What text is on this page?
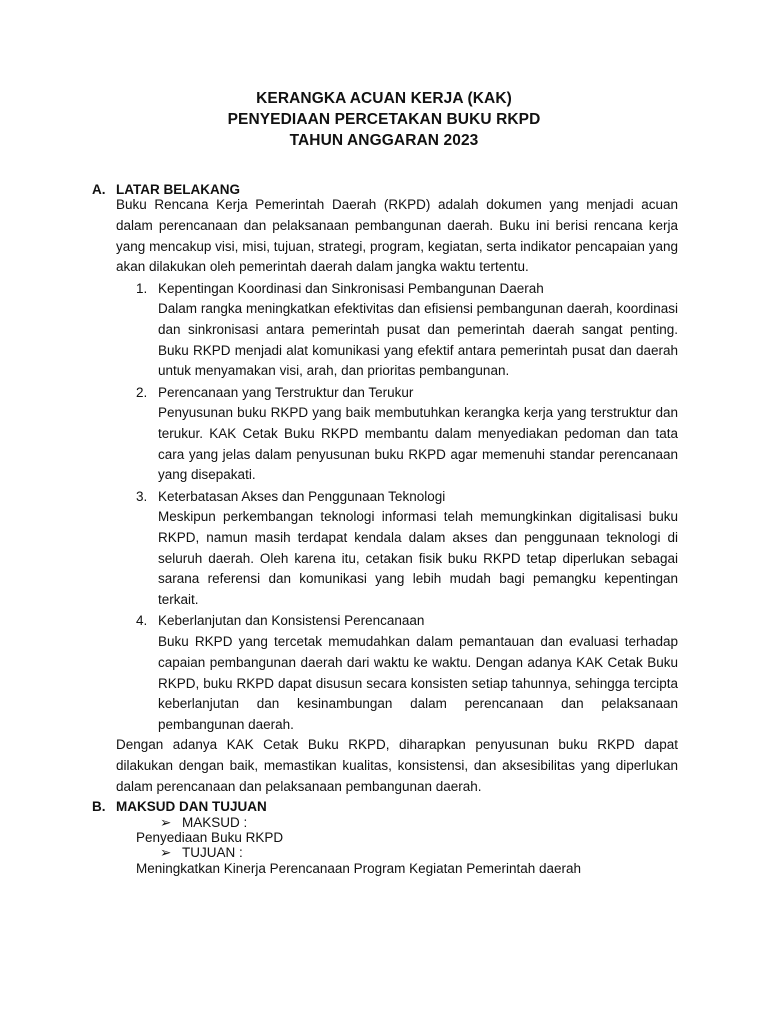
KERANGKA ACUAN KERJA (KAK)
PENYEDIAAN PERCETAKAN BUKU RKPD
TAHUN ANGGARAN 2023
A. LATAR BELAKANG
Buku Rencana Kerja Pemerintah Daerah (RKPD) adalah dokumen yang menjadi acuan dalam perencanaan dan pelaksanaan pembangunan daerah. Buku ini berisi rencana kerja yang mencakup visi, misi, tujuan, strategi, program, kegiatan, serta indikator pencapaian yang akan dilakukan oleh pemerintah daerah dalam jangka waktu tertentu.
1. Kepentingan Koordinasi dan Sinkronisasi Pembangunan Daerah
Dalam rangka meningkatkan efektivitas dan efisiensi pembangunan daerah, koordinasi dan sinkronisasi antara pemerintah pusat dan pemerintah daerah sangat penting. Buku RKPD menjadi alat komunikasi yang efektif antara pemerintah pusat dan daerah untuk menyamakan visi, arah, dan prioritas pembangunan.
2. Perencanaan yang Terstruktur dan Terukur
Penyusunan buku RKPD yang baik membutuhkan kerangka kerja yang terstruktur dan terukur. KAK Cetak Buku RKPD membantu dalam menyediakan pedoman dan tata cara yang jelas dalam penyusunan buku RKPD agar memenuhi standar perencanaan yang disepakati.
3. Keterbatasan Akses dan Penggunaan Teknologi
Meskipun perkembangan teknologi informasi telah memungkinkan digitalisasi buku RKPD, namun masih terdapat kendala dalam akses dan penggunaan teknologi di seluruh daerah. Oleh karena itu, cetakan fisik buku RKPD tetap diperlukan sebagai sarana referensi dan komunikasi yang lebih mudah bagi pemangku kepentingan terkait.
4. Keberlanjutan dan Konsistensi Perencanaan
Buku RKPD yang tercetak memudahkan dalam pemantauan dan evaluasi terhadap capaian pembangunan daerah dari waktu ke waktu. Dengan adanya KAK Cetak Buku RKPD, buku RKPD dapat disusun secara konsisten setiap tahunnya, sehingga tercipta keberlanjutan dan kesinambungan dalam perencanaan dan pelaksanaan pembangunan daerah.
Dengan adanya KAK Cetak Buku RKPD, diharapkan penyusunan buku RKPD dapat dilakukan dengan baik, memastikan kualitas, konsistensi, dan aksesibilitas yang diperlukan dalam perencanaan dan pelaksanaan pembangunan daerah.
B. MAKSUD DAN TUJUAN
➢ MAKSUD :
Penyediaan Buku RKPD
➢ TUJUAN :
Meningkatkan Kinerja Perencanaan Program Kegiatan Pemerintah daerah
